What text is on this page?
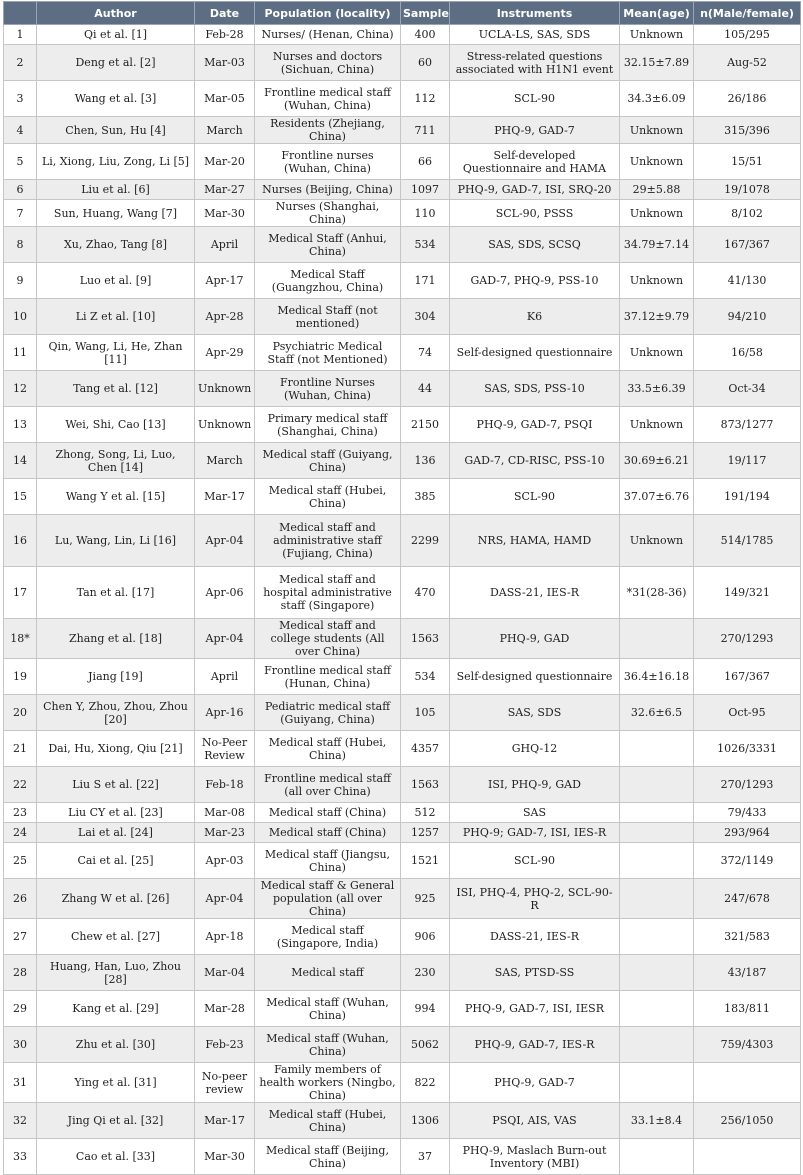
	Author	Date	Population (locality)	Sample	Instruments	Mean(age)	n(Male/female)
1	Qi et al. [1]	Feb-28	Nurses/ (Henan, China)	400	UCLA-LS, SAS, SDS	Unknown	105/295
2	Deng et al. [2]	Mar-03	Nurses and doctors (Sichuan, China)	60	Stress-related questions associated with H1N1 event	32.15±7.89	Aug-52
3	Wang et al. [3]	Mar-05	Frontline medical staff (Wuhan, China)	112	SCL-90	34.3±6.09	26/186
4	Chen, Sun, Hu [4]	March	Residents (Zhejiang, China)	711	PHQ-9, GAD-7	Unknown	315/396
5	Li, Xiong, Liu, Zong, Li [5]	Mar-20	Frontline nurses (Wuhan, China)	66	Self-developed Questionnaire and HAMA	Unknown	15/51
6	Liu et al. [6]	Mar-27	Nurses (Beijing, China)	1097	PHQ-9, GAD-7, ISI, SRQ-20	29±5.88	19/1078
7	Sun, Huang, Wang [7]	Mar-30	Nurses (Shanghai, China)	110	SCL-90, PSSS	Unknown	8/102
8	Xu, Zhao, Tang [8]	April	Medical Staff (Anhui, China)	534	SAS, SDS, SCSQ	34.79±7.14	167/367
9	Luo et al. [9]	Apr-17	Medical Staff (Guangzhou, China)	171	GAD-7, PHQ-9, PSS-10	Unknown	41/130
10	Li Z et al. [10]	Apr-28	Medical Staff (not mentioned)	304	K6	37.12±9.79	94/210
11	Qin, Wang, Li, He, Zhan [11]	Apr-29	Psychiatric Medical Staff (not Mentioned)	74	Self-designed questionnaire	Unknown	16/58
12	Tang et al. [12]	Unknown	Frontline Nurses (Wuhan, China)	44	SAS, SDS, PSS-10	33.5±6.39	Oct-34
13	Wei, Shi, Cao [13]	Unknown	Primary medical staff (Shanghai, China)	2150	PHQ-9, GAD-7, PSQI	Unknown	873/1277
14	Zhong, Song, Li, Luo, Chen [14]	March	Medical staff (Guiyang, China)	136	GAD-7, CD-RISC, PSS-10	30.69±6.21	19/117
15	Wang Y et al. [15]	Mar-17	Medical staff (Hubei, China)	385	SCL-90	37.07±6.76	191/194
16	Lu, Wang, Lin, Li [16]	Apr-04	Medical staff and administrative staff (Fujiang, China)	2299	NRS, HAMA, HAMD	Unknown	514/1785
17	Tan et al. [17]	Apr-06	Medical staff and hospital administrative staff (Singapore)	470	DASS-21, IES-R	*31(28-36)	149/321
18*	Zhang et al. [18]	Apr-04	Medical staff and college students (All over China)	1563	PHQ-9, GAD		270/1293
19	Jiang [19]	April	Frontline medical staff (Hunan, China)	534	Self-designed questionnaire	36.4±16.18	167/367
20	Chen Y, Zhou, Zhou, Zhou [20]	Apr-16	Pediatric medical staff (Guiyang, China)	105	SAS, SDS	32.6±6.5	Oct-95
21	Dai, Hu, Xiong, Qiu [21]	No-Peer Review	Medical staff (Hubei, China)	4357	GHQ-12		1026/3331
22	Liu S et al. [22]	Feb-18	Frontline medical staff (all over China)	1563	ISI, PHQ-9, GAD		270/1293
23	Liu CY et al. [23]	Mar-08	Medical staff (China)	512	SAS		79/433
24	Lai et al. [24]	Mar-23	Medical staff (China)	1257	PHQ-9; GAD-7, ISI, IES-R		293/964
25	Cai et al. [25]	Apr-03	Medical staff (Jiangsu, China)	1521	SCL-90		372/1149
26	Zhang W et al. [26]	Apr-04	Medical staff & General population (all over China)	925	ISI, PHQ-4, PHQ-2, SCL-90-R		247/678
27	Chew et al. [27]	Apr-18	Medical staff (Singapore, India)	906	DASS-21, IES-R		321/583
28	Huang, Han, Luo, Zhou [28]	Mar-04	Medical staff	230	SAS, PTSD-SS		43/187
29	Kang et al. [29]	Mar-28	Medical staff (Wuhan, China)	994	PHQ-9, GAD-7, ISI, IESR		183/811
30	Zhu et al. [30]	Feb-23	Medical staff (Wuhan, China)	5062	PHQ-9, GAD-7, IES-R		759/4303
31	Ying et al. [31]	No-peer review	Family members of health workers (Ningbo, China)	822	PHQ-9, GAD-7		
32	Jing Qi et al. [32]	Mar-17	Medical staff (Hubei, China)	1306	PSQI, AIS, VAS	33.1±8.4	256/1050
33	Cao et al. [33]	Mar-30	Medical staff (Beijing, China)	37	PHQ-9, Maslach Burn-out Inventory (MBI)		
